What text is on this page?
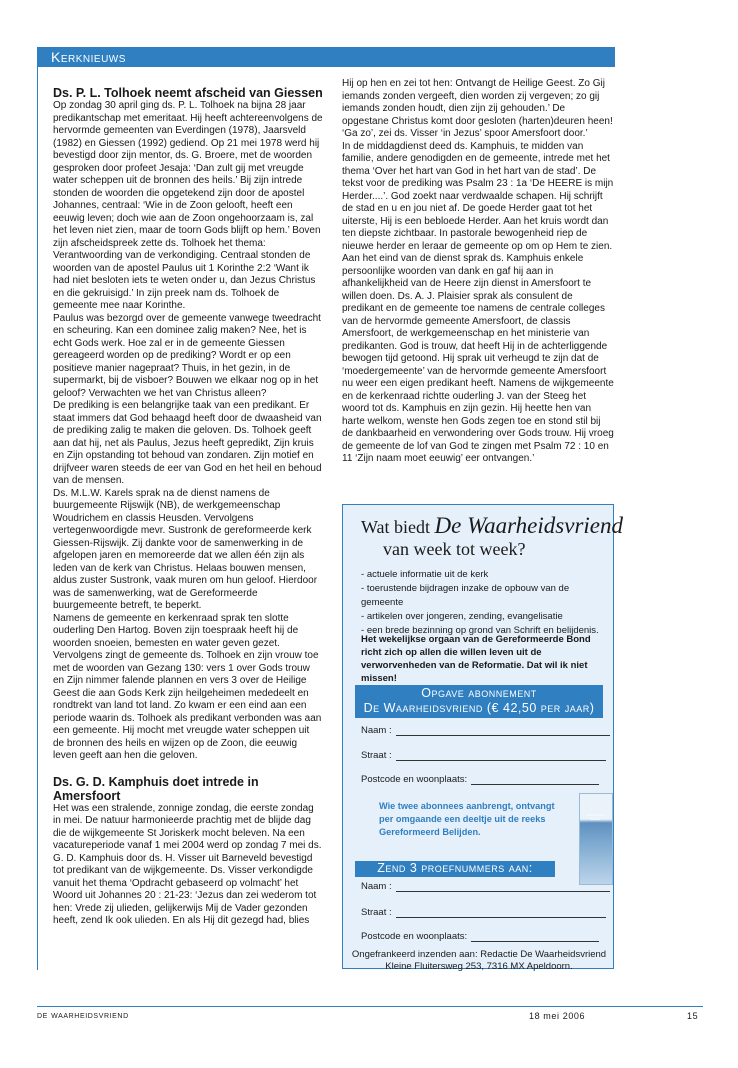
Kerknieuws
Ds. P. L. Tolhoek neemt afscheid van Giessen

Op zondag 30 april ging ds. P. L. Tolhoek na bijna 28 jaar predikantschap met emeritaat. Hij heeft achtereenvolgens de hervormde gemeenten van Everdingen (1978), Jaarsveld (1982) en Giessen (1992) gediend. Op 21 mei 1978 werd hij bevestigd door zijn mentor, ds. G. Broere, met de woorden gesproken door profeet Jesaja: ‘Dan zult gij met vreugde water scheppen uit de bronnen des heils.’ Bij zijn intrede stonden de woorden die opgetekend zijn door de apostel Johannes, centraal: ‘Wie in de Zoon gelooft, heeft een eeuwig leven; doch wie aan de Zoon ongehoorzaam is, zal het leven niet zien, maar de toorn Gods blijft op hem.’ Boven zijn afscheidspreek zette ds. Tolhoek het thema: Verantwoording van de verkondiging. Centraal stonden de woorden van de apostel Paulus uit 1 Korinthe 2:2 ‘Want ik had niet besloten iets te weten onder u, dan Jezus Christus en die gekruisigd.’ In zijn preek nam ds. Tolhoek de gemeente mee naar Korinthe.

Paulus was bezorgd over de gemeente vanwege tweedracht en scheuring. Kan een dominee zalig maken? Nee, het is echt Gods werk. Hoe zal er in de gemeente Giessen gereageerd worden op de prediking? Wordt er op een positieve manier nagepraat? Thuis, in het gezin, in de supermarkt, bij de visboer? Bouwen we elkaar nog op in het geloof? Verwachten we het van Christus alleen?

De prediking is een belangrijke taak van een predikant. Er staat immers dat God behaagd heeft door de dwaasheid van de prediking zalig te maken die geloven. Ds. Tolhoek geeft aan dat hij, net als Paulus, Jezus heeft gepredikt, Zijn kruis en Zijn opstanding tot behoud van zondaren. Zijn motief en drijfveer waren steeds de eer van God en het heil en behoud van de mensen.

Ds. M.L.W. Karels sprak na de dienst namens de buurgemeente Rijswijk (NB), de werkgemeenschap Woudrichem en classis Heusden. Vervolgens vertegenwoordigde mevr. Sustronk de gereformeerde kerk Giessen-Rijswijk. Zij dankte voor de samenwerking in de afgelopen jaren en memoreerde dat we allen één zijn als leden van de kerk van Christus. Helaas bouwen mensen, aldus zuster Sustronk, vaak muren om hun geloof. Hierdoor was de samenwerking, wat de Gereformeerde buurgemeente betreft, te beperkt.

Namens de gemeente en kerkenraad sprak ten slotte ouderling Den Hartog. Boven zijn toespraak heeft hij de woorden snoeien, bemesten en water geven gezet.

Vervolgens zingt de gemeente ds. Tolhoek en zijn vrouw toe met de woorden van Gezang 130: vers 1 over Gods trouw en Zijn nimmer falende plannen en vers 3 over de Heilige Geest die aan Gods Kerk zijn heilgeheimen mededeelt en rondtrekt van land tot land. Zo kwam er een eind aan een periode waarin ds. Tolhoek als predikant verbonden was aan een gemeente. Hij mocht met vreugde water scheppen uit de bronnen des heils en wijzen op de Zoon, die eeuwig leven geeft aan hen die geloven.

Ds. G. D. Kamphuis doet intrede in Amersfoort

Het was een stralende, zonnige zondag, die eerste zondag in mei. De natuur harmonieerde prachtig met de blijde dag die de wijkgemeente St Joriskerk mocht beleven. Na een vacatureperiode vanaf 1 mei 2004 werd op zondag 7 mei ds. G. D. Kamphuis door ds. H. Visser uit Barneveld bevestigd tot predikant van de wijkgemeente. Ds. Visser verkondigde vanuit het thema ‘Opdracht gebaseerd op volmacht’ het Woord uit Johannes 20 : 21-23: ‘Jezus dan zei wederom tot hen: Vrede zij ulieden, gelijkerwijs Mij de Vader gezonden heeft, zend Ik ook ulieden. En als Hij dit gezegd had, blies

Hij op hen en zei tot hen: Ontvangt de Heilige Geest. Zo Gij iemands zonden vergeeft, dien worden zij vergeven; zo gij iemands zonden houdt, dien zijn zij gehouden.’ De opgestane Christus komt door gesloten (harten)deuren heen! ‘Ga zo’, zei ds. Visser ‘in Jezus’ spoor Amersfoort door.’

In de middagdienst deed ds. Kamphuis, te midden van familie, andere genodigden en de gemeente, intrede met het thema ‘Over het hart van God in het hart van de stad’. De tekst voor de prediking was Psalm 23 : 1a ‘De HEERE is mijn Herder....’. God zoekt naar verdwaalde schapen. Hij schrijft de stad en u en jou niet af. De goede Herder gaat tot het uiterste, Hij is een bebloede Herder. Aan het kruis wordt dan ten diepste zichtbaar. In pastorale bewogenheid riep de nieuwe herder en leraar de gemeente op om op Hem te zien. Aan het eind van de dienst sprak ds. Kamphuis enkele persoonlijke woorden van dank en gaf hij aan in afhankelijkheid van de Heere zijn dienst in Amersfoort te willen doen. Ds. A. J. Plaisier sprak als consulent de predikant en de gemeente toe namens de centrale colleges van de hervormde gemeente Amersfoort, de classis Amersfoort, de werkgemeenschap en het ministerie van predikanten. God is trouw, dat heeft Hij in de achterliggende bewogen tijd getoond. Hij sprak uit verheugd te zijn dat de ‘moedergemeente’ van de hervormde gemeente Amersfoort nu weer een eigen predikant heeft. Namens de wijkgemeente en de kerkenraad richtte ouderling J. van der Steeg het woord tot ds. Kamphuis en zijn gezin. Hij heette hen van harte welkom, wenste hen Gods zegen toe en stond stil bij de dankbaarheid en verwondering over Gods trouw. Hij vroeg de gemeente de lof van God te zingen met Psalm 72 : 10 en 11 ‘Zijn naam moet eeuwig’ eer ontvangen.’

Wat biedt De Waarheidsvriend
van week tot week?
- actuele informatie uit de kerk
- toerustende bijdragen inzake de opbouw van de gemeente
- artikelen over jongeren, zending, evangelisatie
- een brede bezinning op grond van Schrift en belijdenis.

Het wekelijkse orgaan van de Gereformeerde Bond richt zich op allen die willen leven uit de verworvenheden van de Reformatie. Dat wil ik niet missen!

Opgave abonnement
De Waarheidsvriend (€ 42,50 per jaar)
Naam :
Straat :
Postcode en woonplaats:

Wie twee abonnees aanbrengt, ontvangt per omgaande een deeltje uit de reeks Gereformeerd Belijden.

Gereformeerd Belijden
Zend 3 proefnummers aan:
Naam :
Straat :
Postcode en woonplaats:
Ongefrankeerd inzenden aan: Redactie De Waarheidsvriend
Kleine Fluitersweg 253, 7316 MX Apeldoorn.
de waarheidsvriend	18 mei 2006	15
